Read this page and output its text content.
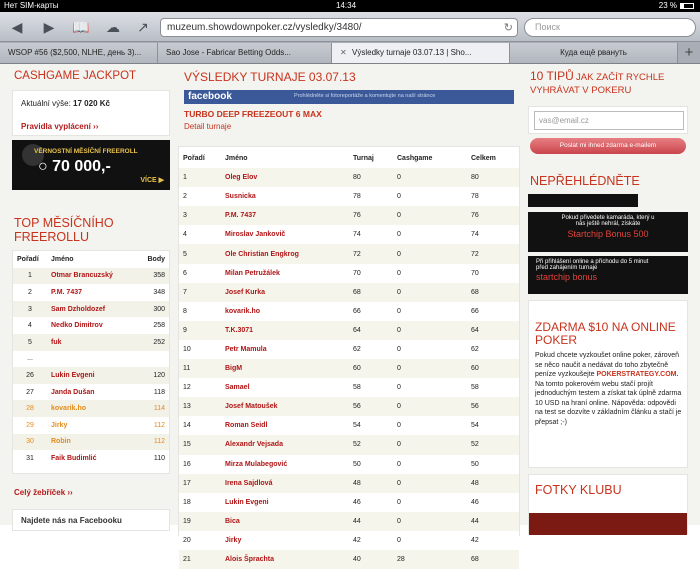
Нет SIM-карты	14:34	23 %
◀ ▶ 📖 ☁ ↗	muzeum.showdownpoker.cz/vysledky/3480/	↻	Поиск
WSOP #56 ($2,500, NLHE, день 3)...	Sao Jose - Fabricar Betting Odds...	✕ Výsledky turnaje 03.07.13 | Sho...	Куда ещё рвануть	+
CASHGAME JACKPOT
Aktuální výše: 17 020 Kč
Pravidla vyplácení ››
VĚRNOSTNÍ MĚSÍČNÍ FREEROLL
○ 70 000,-
VÍCE ▶
TOP MĚSÍČNÍHO FREEROLLU
Pořadí	Jméno	Body
1	Otmar Brancuzský	358
2	P.M. 7437	348
3	Sam Dzholdozef	300
4	Nedko Dimitrov	258
5	fuk	252
...		
26	Lukin Evgeni	120
27	Janda Dušan	118
28	kovarik.ho	114
29	Jirky	112
30	Robin	112
31	Faik Budimlić	110
Celý žebříček ››
Najdete nás na Facebooku
VÝSLEDKY TURNAJE 03.07.13
facebook	Prohlédněte si fotoreportáže a komentujte na naší stránce
TURBO DEEP FREEZEOUT 6 MAX
Detail turnaje
Pořadí	Jméno	Turnaj	Cashgame	Celkem
1	Oleg Elov	80	0	80
2	Susnicka	78	0	78
3	P.M. 7437	76	0	76
4	Miroslav Jankovič	74	0	74
5	Ole Christian Engkrog	72	0	72
6	Milan Petružálek	70	0	70
7	Josef Kurka	68	0	68
8	kovarik.ho	66	0	66
9	T.K.3071	64	0	64
10	Petr Mamula	62	0	62
11	BigM	60	0	60
12	Samael	58	0	58
13	Josef Matoušek	56	0	56
14	Roman Seidl	54	0	54
15	Alexandr Vejsada	52	0	52
16	Mirza Mulabegović	50	0	50
17	Irena Sajdlová	48	0	48
18	Lukin Evgeni	46	0	46
19	Bica	44	0	44
20	Jirky	42	0	42
21	Alois Šprachta	40	28	68
10 TIPŮ JAK ZAČÍT RYCHLE VYHRÁVAT V POKERU
vas@email.cz
Poslat mi ihned zdarma e-mailem
NEPŘEHLÉDNĚTE
Pokud přivedete kamaráda, který u nás ještě nehrál, získáte
Startchip Bonus 500
Při přihlášení online a příchodu do 5 minut před zahájením turnaje
startchip bonus
ZDARMA $10 NA ONLINE POKER
Pokud chcete vyzkoušet online poker, zároveň se něco naučit a nedávat do toho zbytečně peníze vyzkoušejte POKERSTRATEGY.COM. Na tomto pokerovém webu stačí projít jednoduchým testem a získat tak úplně zdarma 10 USD na hraní online. Nápověda: odpovědi na test se dozvíte v základním článku a stačí je přepsat ;-)
FOTKY KLUBU
